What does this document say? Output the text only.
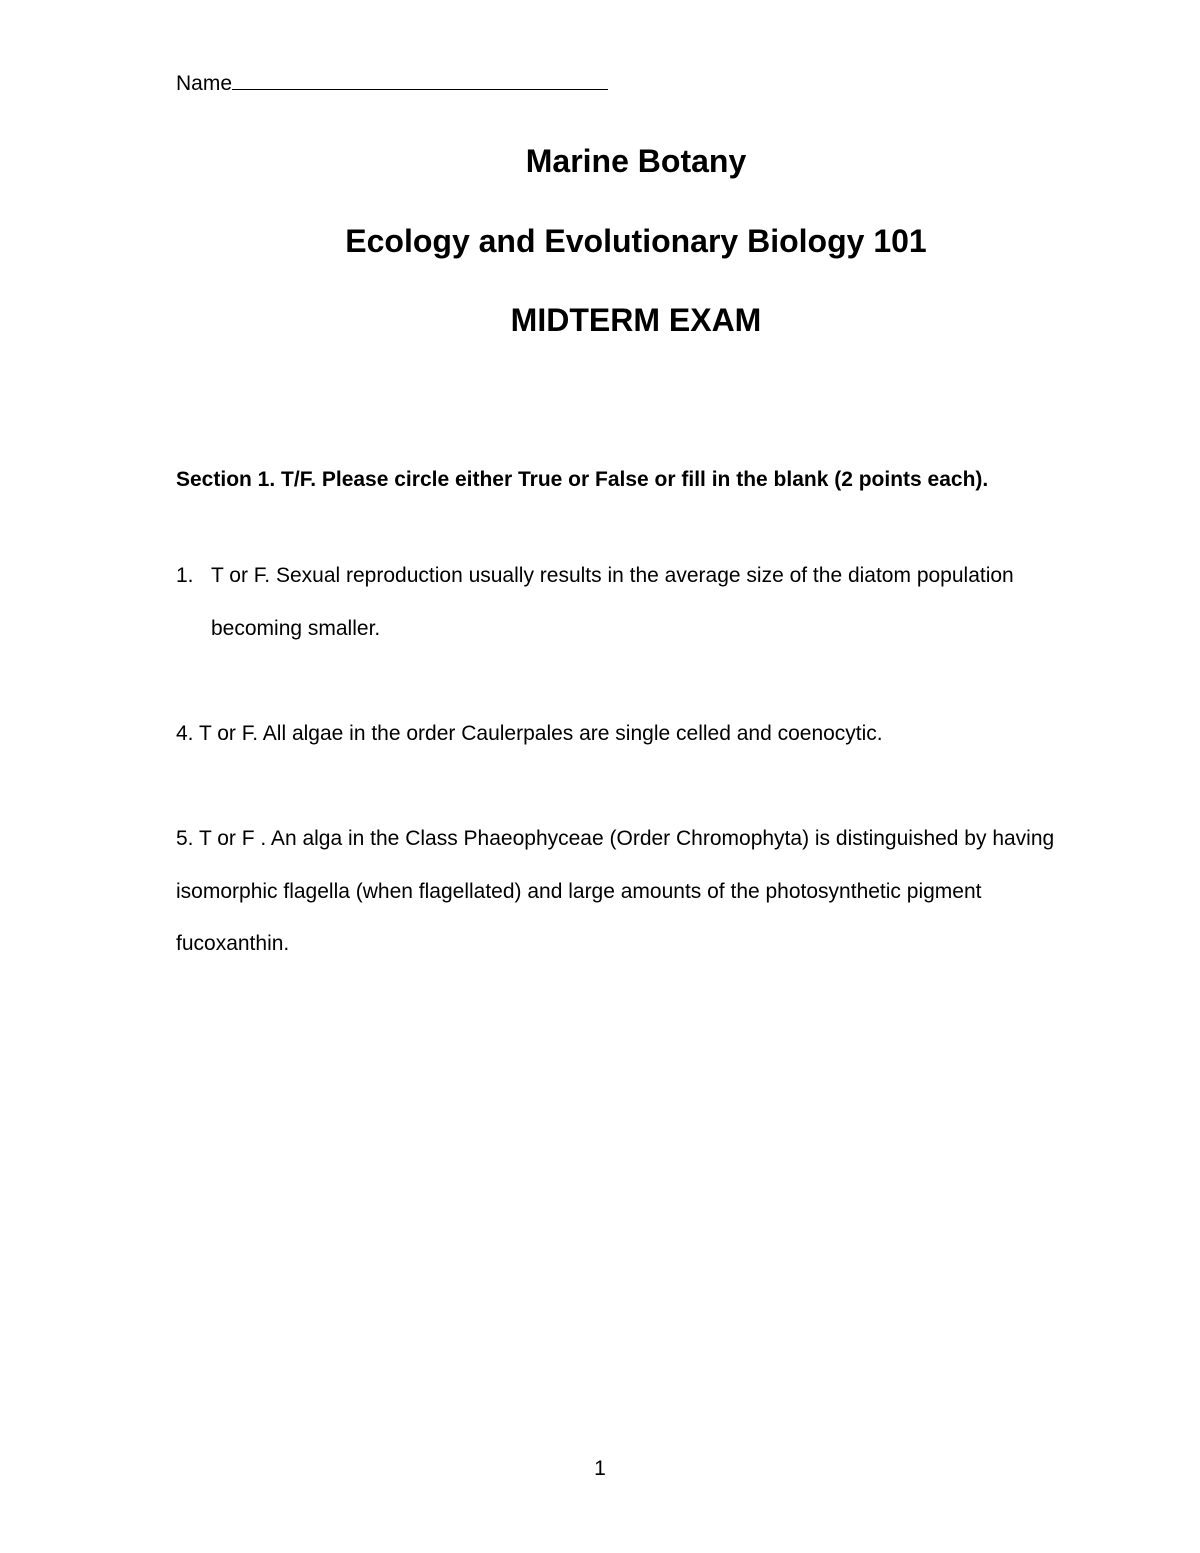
Name
Marine Botany
Ecology and Evolutionary Biology 101
MIDTERM EXAM

Section 1. T/F. Please circle either True or False or fill in the blank (2 points each).

1. T or F. Sexual reproduction usually results in the average size of the diatom population becoming smaller.

4. T or F. All algae in the order Caulerpales are single celled and coenocytic.

5. T or F . An alga in the Class Phaeophyceae (Order Chromophyta) is distinguished by having isomorphic flagella (when flagellated) and large amounts of the photosynthetic pigment fucoxanthin.

1
